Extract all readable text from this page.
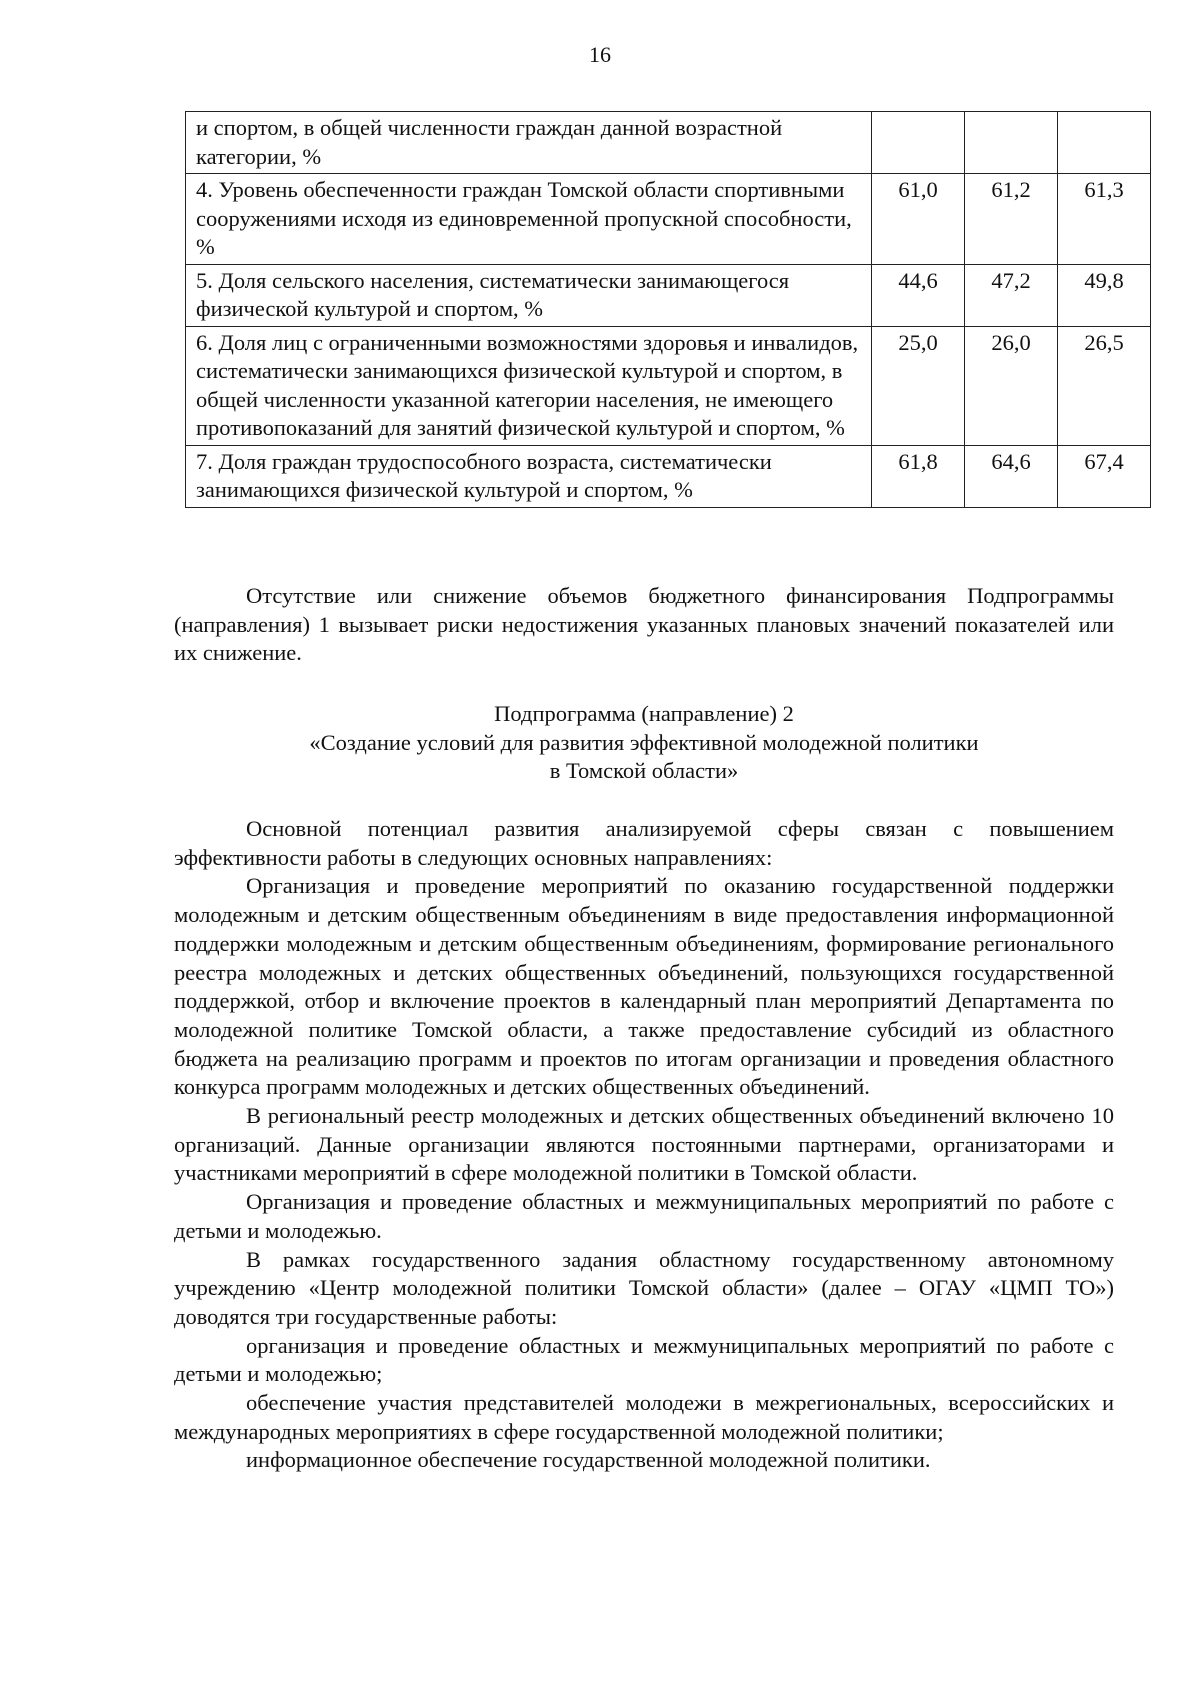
16
и спортом, в общей численности граждан данной возрастной категории, %			
4. Уровень обеспеченности граждан Томской области спортивными сооружениями исходя из единовременной пропускной способности, %	61,0	61,2	61,3
5. Доля сельского населения, систематически занимающегося физической культурой и спортом, %	44,6	47,2	49,8
6. Доля лиц с ограниченными возможностями здоровья и инвалидов, систематически занимающихся физической культурой и спортом, в общей численности указанной категории населения, не имеющего противопоказаний для занятий физической культурой и спортом, %	25,0	26,0	26,5
7. Доля граждан трудоспособного возраста, систематически занимающихся физической культурой и спортом, %	61,8	64,6	67,4

Отсутствие или снижение объемов бюджетного финансирования Подпрограммы (направления) 1 вызывает риски недостижения указанных плановых значений показателей или их снижение.

Подпрограмма (направление) 2

«Создание условий для развития эффективной молодежной политики

в Томской области»

Основной потенциал развития анализируемой сферы связан с повышением эффективности работы в следующих основных направлениях:

Организация и проведение мероприятий по оказанию государственной поддержки молодежным и детским общественным объединениям в виде предоставления информационной поддержки молодежным и детским общественным объединениям, формирование регионального реестра молодежных и детских общественных объединений, пользующихся государственной поддержкой, отбор и включение проектов в календарный план мероприятий Департамента по молодежной политике Томской области, а также предоставление субсидий из областного бюджета на реализацию программ и проектов по итогам организации и проведения областного конкурса программ молодежных и детских общественных объединений.

В региональный реестр молодежных и детских общественных объединений включено 10 организаций. Данные организации являются постоянными партнерами, организаторами и участниками мероприятий в сфере молодежной политики в Томской области.

Организация и проведение областных и межмуниципальных мероприятий по работе с детьми и молодежью.

В рамках государственного задания областному государственному автономному учреждению «Центр молодежной политики Томской области» (далее – ОГАУ «ЦМП ТО») доводятся три государственные работы:

организация и проведение областных и межмуниципальных мероприятий по работе с детьми и молодежью;

обеспечение участия представителей молодежи в межрегиональных, всероссийских и международных мероприятиях в сфере государственной молодежной политики;

информационное обеспечение государственной молодежной политики.
